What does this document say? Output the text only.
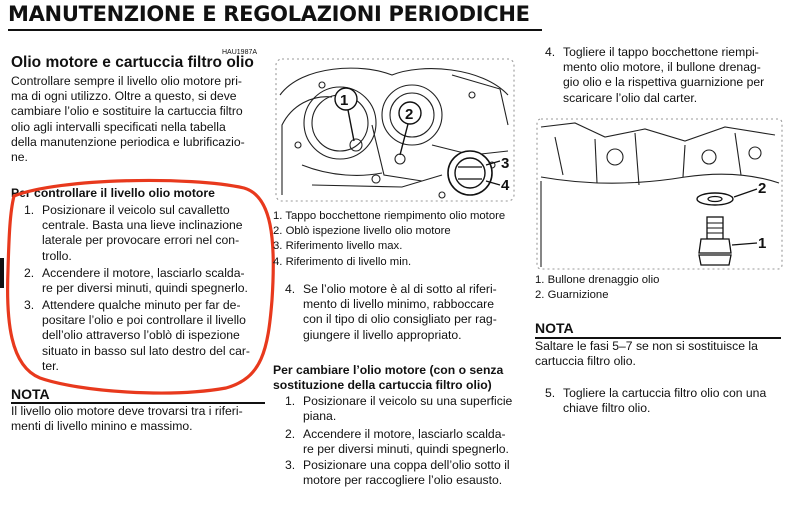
MANUTENZIONE E REGOLAZIONI PERIODICHE
HAU1987A
Olio motore e cartuccia filtro olio
Controllare sempre il livello olio motore pri-
ma di ogni utilizzo. Oltre a questo, si deve
cambiare l’olio e sostituire la cartuccia filtro
olio agli intervalli specificati nella tabella
della manutenzione periodica e lubrificazio-
ne.
Per controllare il livello olio motore
1. Posizionare il veicolo sul cavalletto
centrale. Basta una lieve inclinazione
laterale per provocare errori nel con-
trollo.
2. Accendere il motore, lasciarlo scalda-
re per diversi minuti, quindi spegnerlo.
3. Attendere qualche minuto per far de-
positare l’olio e poi controllare il livello
dell’olio attraverso l’oblò di ispezione
situato in basso sul lato destro del car-
ter.
NOTA
Il livello olio motore deve trovarsi tra i riferi-
menti di livello minino e massimo.
1
2
3
4
1. Tappo bocchettone riempimento olio motore
2. Oblò ispezione livello olio motore
3. Riferimento livello max.
4. Riferimento di livello min.
4. Se l’olio motore è al di sotto al riferi-
mento di livello minimo, rabboccare
con il tipo di olio consigliato per rag-
giungere il livello appropriato.
Per cambiare l’olio motore (con o senza
sostituzione della cartuccia filtro olio)
1. Posizionare il veicolo su una superficie
piana.
2. Accendere il motore, lasciarlo scalda-
re per diversi minuti, quindi spegnerlo.
3. Posizionare una coppa dell’olio sotto il
motore per raccogliere l’olio esausto.
4. Togliere il tappo bocchettone riempi-
mento olio motore, il bullone drenag-
gio olio e la rispettiva guarnizione per
scaricare l’olio dal carter.
2
1
1. Bullone drenaggio olio
2. Guarnizione
NOTA
Saltare le fasi 5–7 se non si sostituisce la
cartuccia filtro olio.
5. Togliere la cartuccia filtro olio con una
chiave filtro olio.
